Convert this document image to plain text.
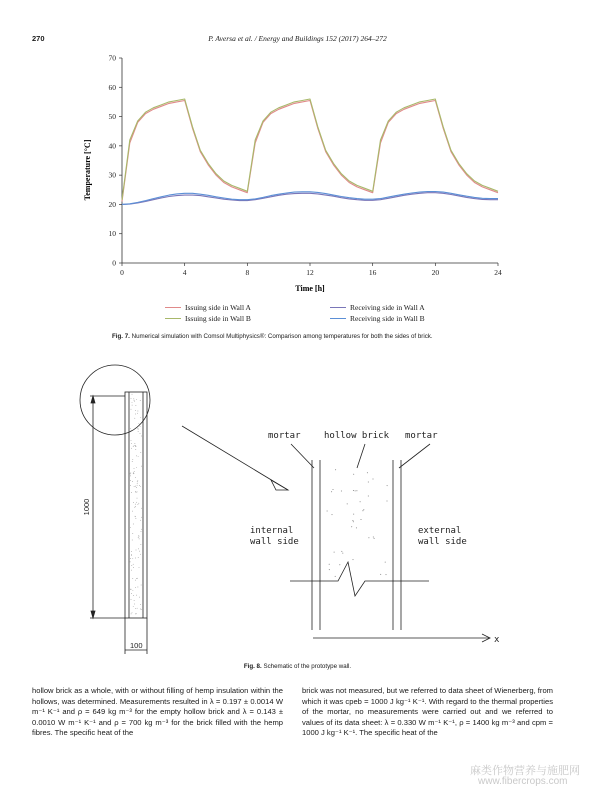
270	P. Aversa et al. / Energy and Buildings 152 (2017) 264–272
0
10
20
30
40
50
60
70
0	4	8	12	16	20	24
Temperature [°C]
Time [h]
Issuing side in Wall A	Receiving side in Wall A
Issuing side in Wall B	Receiving side in Wall B
Fig. 7. Numerical simulation with Comsol Multiphysics®: Comparison among temperatures for both the sides of brick.
mortar	hollow brick mortar
internal
wall side
external
wall side
x
1000
100
Fig. 8. Schematic of the prototype wall.

hollow brick as a whole, with or without filling of hemp insulation within the hollows, was determined. Measurements resulted in λ = 0.197 ± 0.0014 W m⁻¹ K⁻¹ and ρ = 649 kg m⁻³ for the empty hollow brick and λ = 0.143 ± 0.0010 W m⁻¹ K⁻¹ and ρ = 700 kg m⁻³ for the brick filled with the hemp fibres. The specific heat of the

brick was not measured, but we referred to data sheet of Wienerberg, from which it was cpeb = 1000 J kg⁻¹ K⁻¹. With regard to the thermal properties of the mortar, no measurements were carried out and we referred to values of its data sheet: λ = 0.330 W m⁻¹ K⁻¹, ρ = 1400 kg m⁻³ and cpm = 1000 J kg⁻¹ K⁻¹. The specific heat of the

麻类作物营养与施肥网
www.fibercrops.com
